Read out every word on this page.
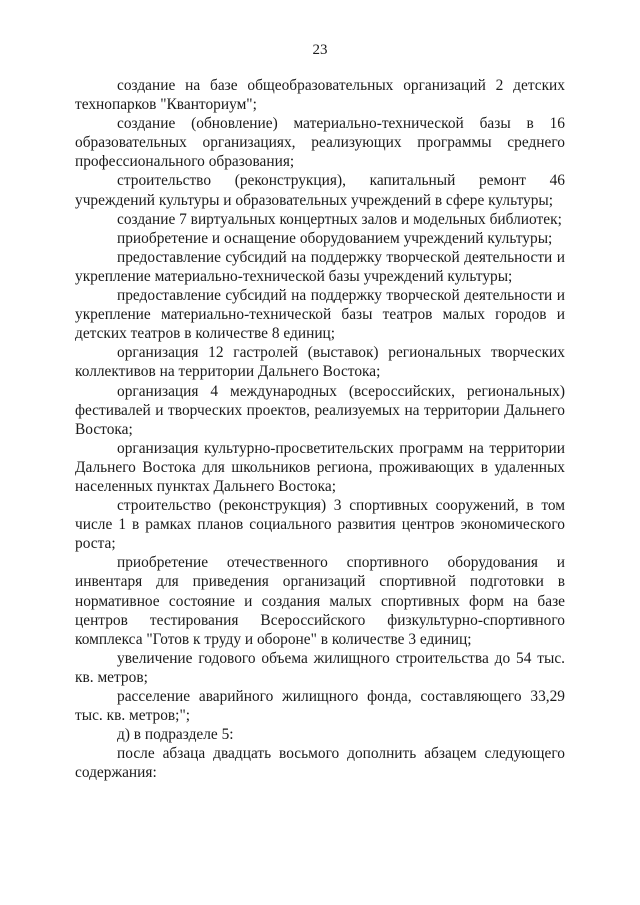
23

создание на базе общеобразовательных организаций 2 детских технопарков "Кванториум";

создание (обновление) материально-технической базы в 16 образовательных организациях, реализующих программы среднего профессионального образования;

строительство (реконструкция), капитальный ремонт 46 учреждений культуры и образовательных учреждений в сфере культуры;

создание 7 виртуальных концертных залов и модельных библиотек;

приобретение и оснащение оборудованием учреждений культуры;

предоставление субсидий на поддержку творческой деятельности и укрепление материально-технической базы учреждений культуры;

предоставление субсидий на поддержку творческой деятельности и укрепление материально-технической базы театров малых городов и детских театров в количестве 8 единиц;

организация 12 гастролей (выставок) региональных творческих коллективов на территории Дальнего Востока;

организация 4 международных (всероссийских, региональных) фестивалей и творческих проектов, реализуемых на территории Дальнего Востока;

организация культурно-просветительских программ на территории Дальнего Востока для школьников региона, проживающих в удаленных населенных пунктах Дальнего Востока;

строительство (реконструкция) 3 спортивных сооружений, в том числе 1 в рамках планов социального развития центров экономического роста;

приобретение отечественного спортивного оборудования и инвентаря для приведения организаций спортивной подготовки в нормативное состояние и создания малых спортивных форм на базе центров тестирования Всероссийского физкультурно-спортивного комплекса "Готов к труду и обороне" в количестве 3 единиц;

увеличение годового объема жилищного строительства до 54 тыс. кв. метров;

расселение аварийного жилищного фонда, составляющего 33,29 тыс. кв. метров;";

д) в подразделе 5:

после абзаца двадцать восьмого дополнить абзацем следующего содержания:
